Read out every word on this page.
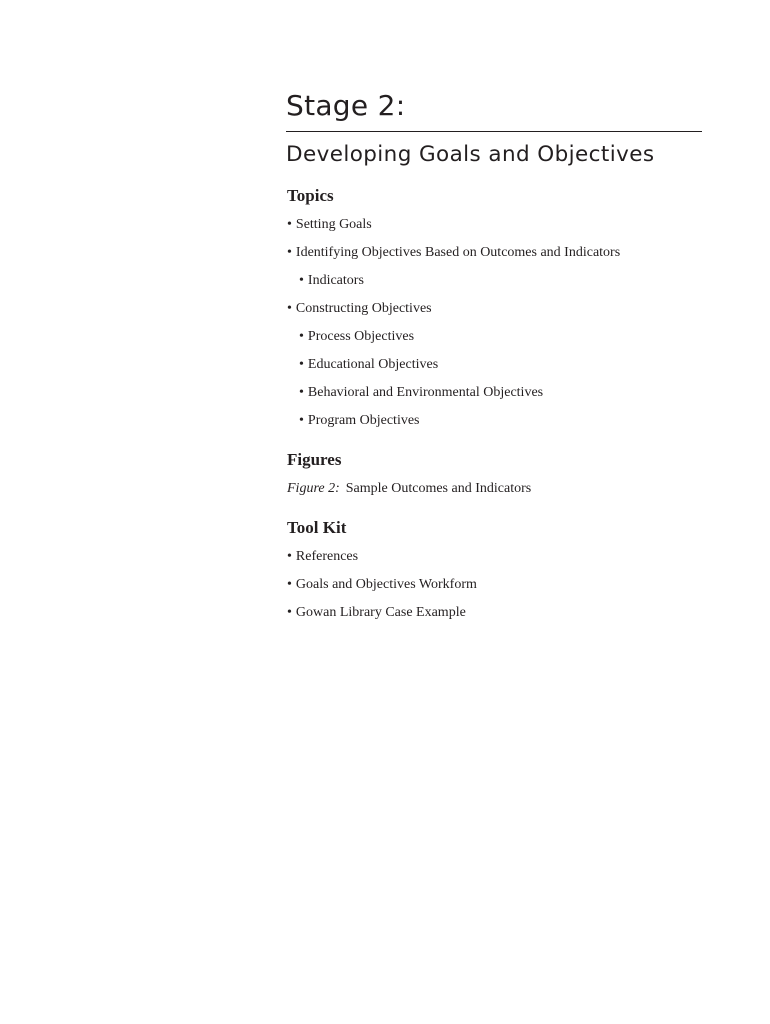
Stage 2:
Developing Goals and Objectives
Topics
• Setting Goals
• Identifying Objectives Based on Outcomes and Indicators
• Indicators
• Constructing Objectives
• Process Objectives
• Educational Objectives
• Behavioral and Environmental Objectives
• Program Objectives
Figures
Figure 2: Sample Outcomes and Indicators
Tool Kit
• References
• Goals and Objectives Workform
• Gowan Library Case Example
